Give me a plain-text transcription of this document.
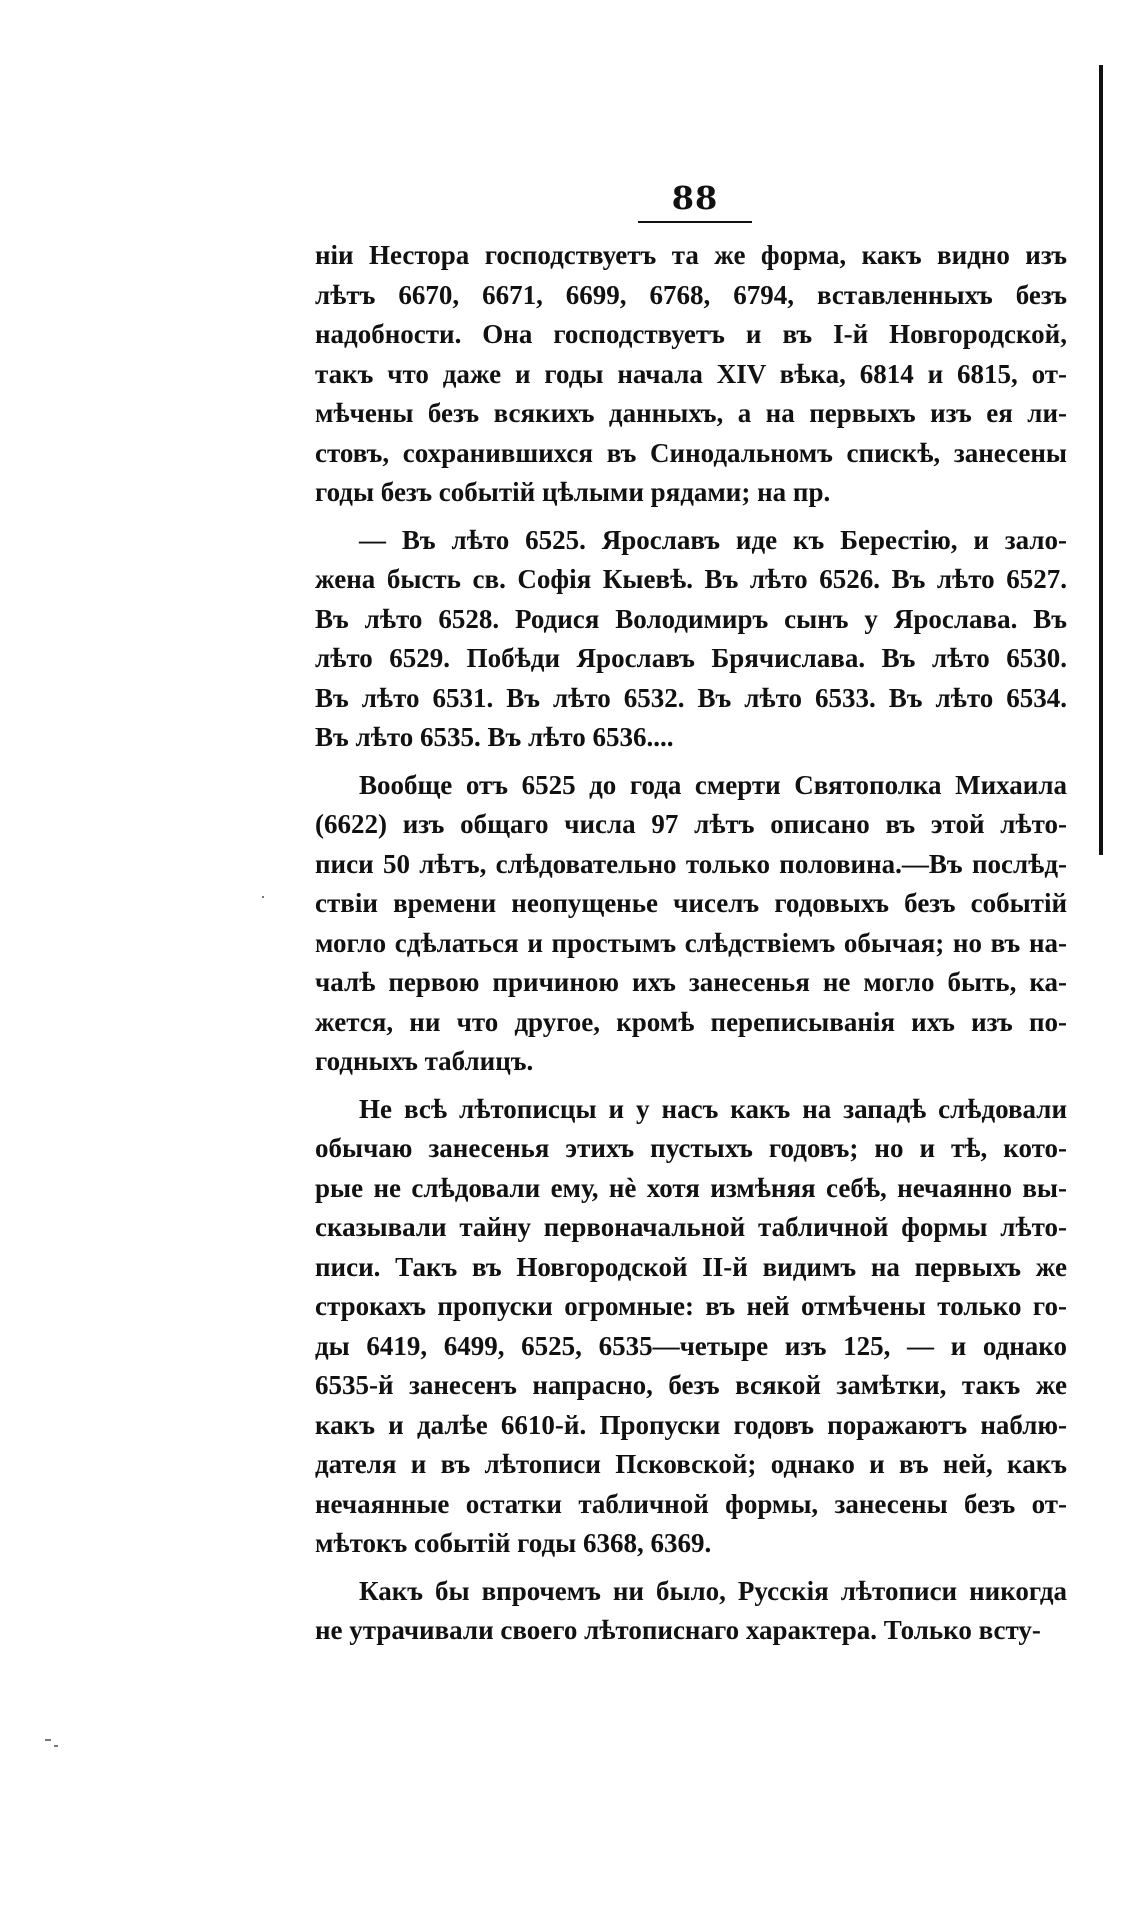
88
ніи Нестора господствуетъ та же форма, какъ видно изъ
лѣтъ 6670, 6671, 6699, 6768, 6794, вставленныхъ безъ
надобности. Она господствуетъ и въ I-й Новгородской,
такъ что даже и годы начала XIV вѣка, 6814 и 6815, от-
мѣчены безъ всякихъ данныхъ, а на первыхъ изъ ея ли-
стовъ, сохранившихся въ Синодальномъ спискѣ, занесены
годы безъ событій цѣлыми рядами; на пр.
— Въ лѣто 6525. Ярославъ иде къ Берестію, и зало-
жена бысть св. Софія Кыевѣ. Въ лѣто 6526. Въ лѣто 6527.
Въ лѣто 6528. Родися Володимиръ сынъ у Ярослава. Въ
лѣто 6529. Побѣди Ярославъ Брячислава. Въ лѣто 6530.
Въ лѣто 6531. Въ лѣто 6532. Въ лѣто 6533. Въ лѣто 6534.
Въ лѣто 6535. Въ лѣто 6536....
Вообще отъ 6525 до года смерти Святополка Михаила
(6622) изъ общаго числа 97 лѣтъ описано въ этой лѣто-
писи 50 лѣтъ, слѣдовательно только половина.—Въ послѣд-
ствіи времени неопущенье чиселъ годовыхъ безъ событій
могло сдѣлаться и простымъ слѣдствіемъ обычая; но въ на-
чалѣ первою причиною ихъ занесенья не могло быть, ка-
жется, ни что другое, кромѣ переписыванія ихъ изъ по-
годныхъ таблицъ.
Не всѣ лѣтописцы и у насъ какъ на западѣ слѣдовали
обычаю занесенья этихъ пустыхъ годовъ; но и тѣ, кото-
рые не слѣдовали ему, нѐ хотя измѣняя себѣ, нечаянно вы-
сказывали тайну первоначальной табличной формы лѣто-
писи. Такъ въ Новгородской II-й видимъ на первыхъ же
строкахъ пропуски огромные: въ ней отмѣчены только го-
ды 6419, 6499, 6525, 6535—четыре изъ 125, — и однако
6535-й занесенъ напрасно, безъ всякой замѣтки, такъ же
какъ и далѣе 6610-й. Пропуски годовъ поражаютъ наблю-
дателя и въ лѣтописи Псковской; однако и въ ней, какъ
нечаянные остатки табличной формы, занесены безъ от-
мѣтокъ событій годы 6368, 6369.
Какъ бы впрочемъ ни было, Русскія лѣтописи никогда
не утрачивали своего лѣтописнаго характера. Только всту-
